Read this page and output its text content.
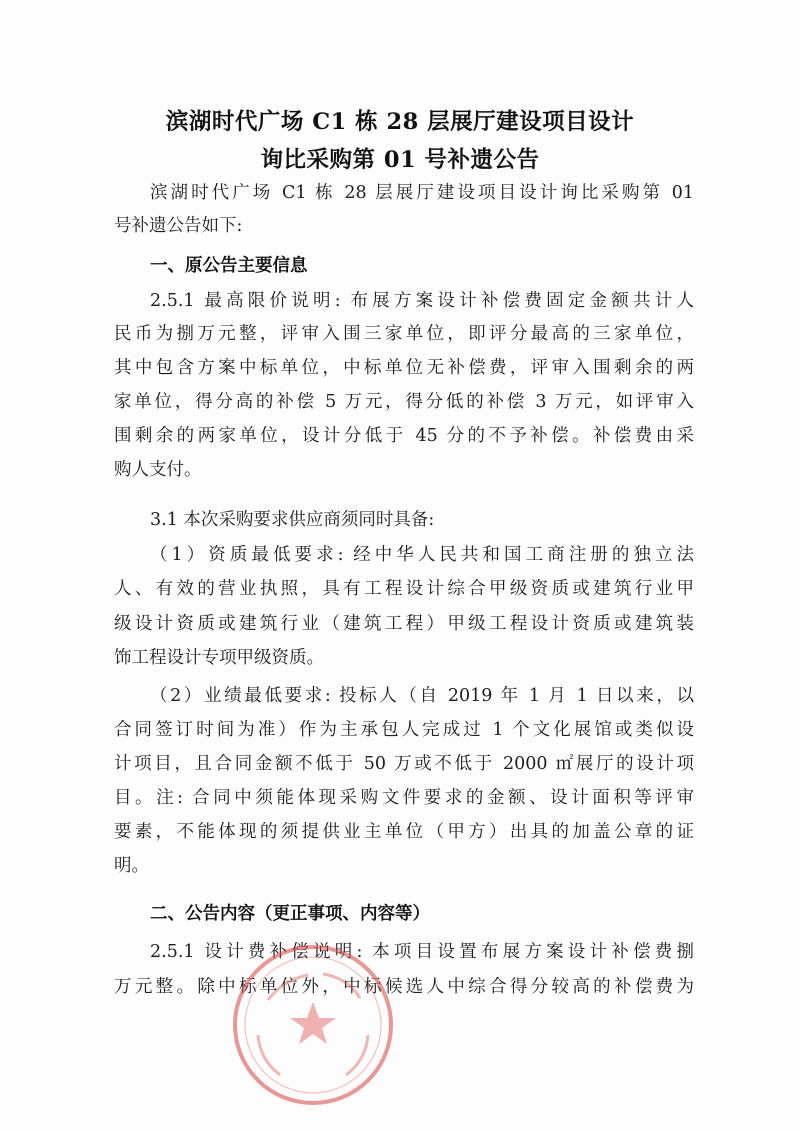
滨湖时代广场 C1 栋 28 层展厅建设项目设计
询比采购第 01 号补遗公告
滨湖时代广场 C1 栋 28 层展厅建设项目设计询比采购第 01
号补遗公告如下:
一、原公告主要信息
2.5.1 最高限价说明: 布展方案设计补偿费固定金额共计人
民币为捌万元整，评审入围三家单位，即评分最高的三家单位，
其中包含方案中标单位，中标单位无补偿费，评审入围剩余的两
家单位，得分高的补偿 5 万元，得分低的补偿 3 万元，如评审入
围剩余的两家单位，设计分低于 45 分的不予补偿。补偿费由采
购人支付。
3.1 本次采购要求供应商须同时具备:
（1）资质最低要求: 经中华人民共和国工商注册的独立法
人、有效的营业执照，具有工程设计综合甲级资质或建筑行业甲
级设计资质或建筑行业（建筑工程）甲级工程设计资质或建筑装
饰工程设计专项甲级资质。
（2）业绩最低要求: 投标人（自 2019 年 1 月 1 日以来，以
合同签订时间为准）作为主承包人完成过 1 个文化展馆或类似设
计项目，且合同金额不低于 50 万或不低于 2000 ㎡展厅的设计项
目。注: 合同中须能体现采购文件要求的金额、设计面积等评审
要素，不能体现的须提供业主单位（甲方）出具的加盖公章的证
明。
二、公告内容（更正事项、内容等）
2.5.1 设计费补偿说明: 本项目设置布展方案设计补偿费捌
万元整。除中标单位外，中标候选人中综合得分较高的补偿费为
